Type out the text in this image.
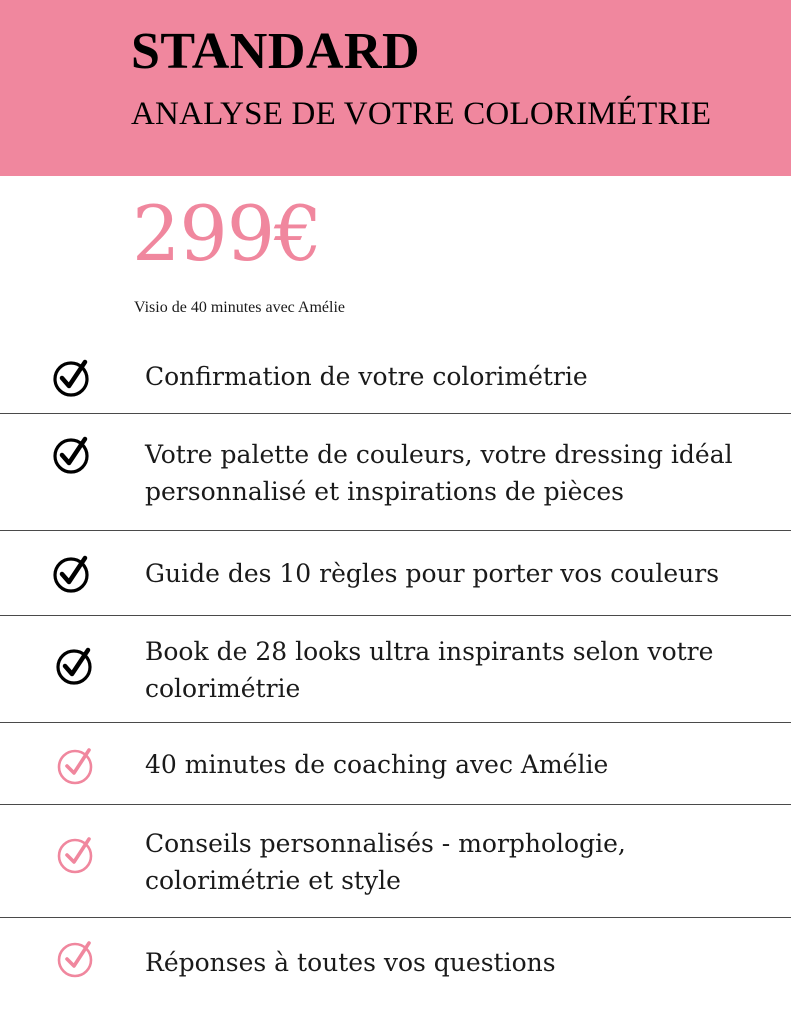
STANDARD
ANALYSE DE VOTRE COLORIMÉTRIE
299€
Visio de 40 minutes avec Amélie
Confirmation de votre colorimétrie
Votre palette de couleurs, votre dressing idéal personnalisé et inspirations de pièces
Guide des 10 règles pour porter vos couleurs
Book de 28 looks ultra inspirants selon votre colorimétrie
40 minutes de coaching avec Amélie
Conseils personnalisés - morphologie, colorimétrie et style
Réponses à toutes vos questions
